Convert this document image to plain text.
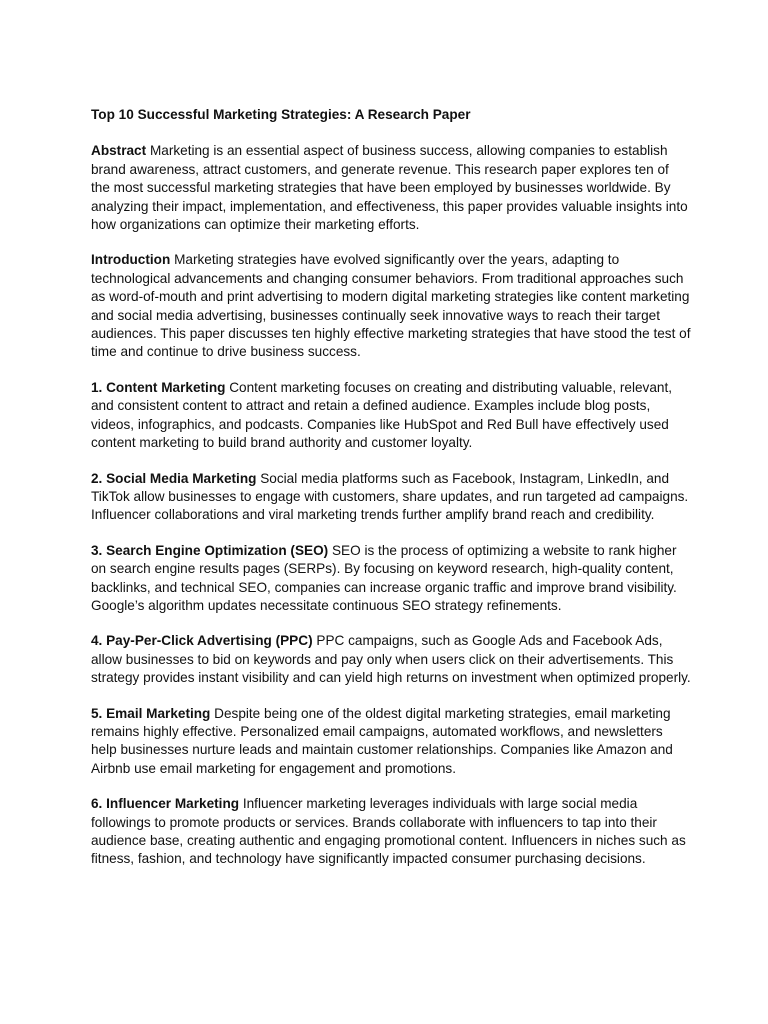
Top 10 Successful Marketing Strategies: A Research Paper

Abstract Marketing is an essential aspect of business success, allowing companies to establish brand awareness, attract customers, and generate revenue. This research paper explores ten of the most successful marketing strategies that have been employed by businesses worldwide. By analyzing their impact, implementation, and effectiveness, this paper provides valuable insights into how organizations can optimize their marketing efforts.

Introduction Marketing strategies have evolved significantly over the years, adapting to technological advancements and changing consumer behaviors. From traditional approaches such as word-of-mouth and print advertising to modern digital marketing strategies like content marketing and social media advertising, businesses continually seek innovative ways to reach their target audiences. This paper discusses ten highly effective marketing strategies that have stood the test of time and continue to drive business success.

1. Content Marketing Content marketing focuses on creating and distributing valuable, relevant, and consistent content to attract and retain a defined audience. Examples include blog posts, videos, infographics, and podcasts. Companies like HubSpot and Red Bull have effectively used content marketing to build brand authority and customer loyalty.

2. Social Media Marketing Social media platforms such as Facebook, Instagram, LinkedIn, and TikTok allow businesses to engage with customers, share updates, and run targeted ad campaigns. Influencer collaborations and viral marketing trends further amplify brand reach and credibility.

3. Search Engine Optimization (SEO) SEO is the process of optimizing a website to rank higher on search engine results pages (SERPs). By focusing on keyword research, high-quality content, backlinks, and technical SEO, companies can increase organic traffic and improve brand visibility. Google’s algorithm updates necessitate continuous SEO strategy refinements.

4. Pay-Per-Click Advertising (PPC) PPC campaigns, such as Google Ads and Facebook Ads, allow businesses to bid on keywords and pay only when users click on their advertisements. This strategy provides instant visibility and can yield high returns on investment when optimized properly.

5. Email Marketing Despite being one of the oldest digital marketing strategies, email marketing remains highly effective. Personalized email campaigns, automated workflows, and newsletters help businesses nurture leads and maintain customer relationships. Companies like Amazon and Airbnb use email marketing for engagement and promotions.

6. Influencer Marketing Influencer marketing leverages individuals with large social media followings to promote products or services. Brands collaborate with influencers to tap into their audience base, creating authentic and engaging promotional content. Influencers in niches such as fitness, fashion, and technology have significantly impacted consumer purchasing decisions.
